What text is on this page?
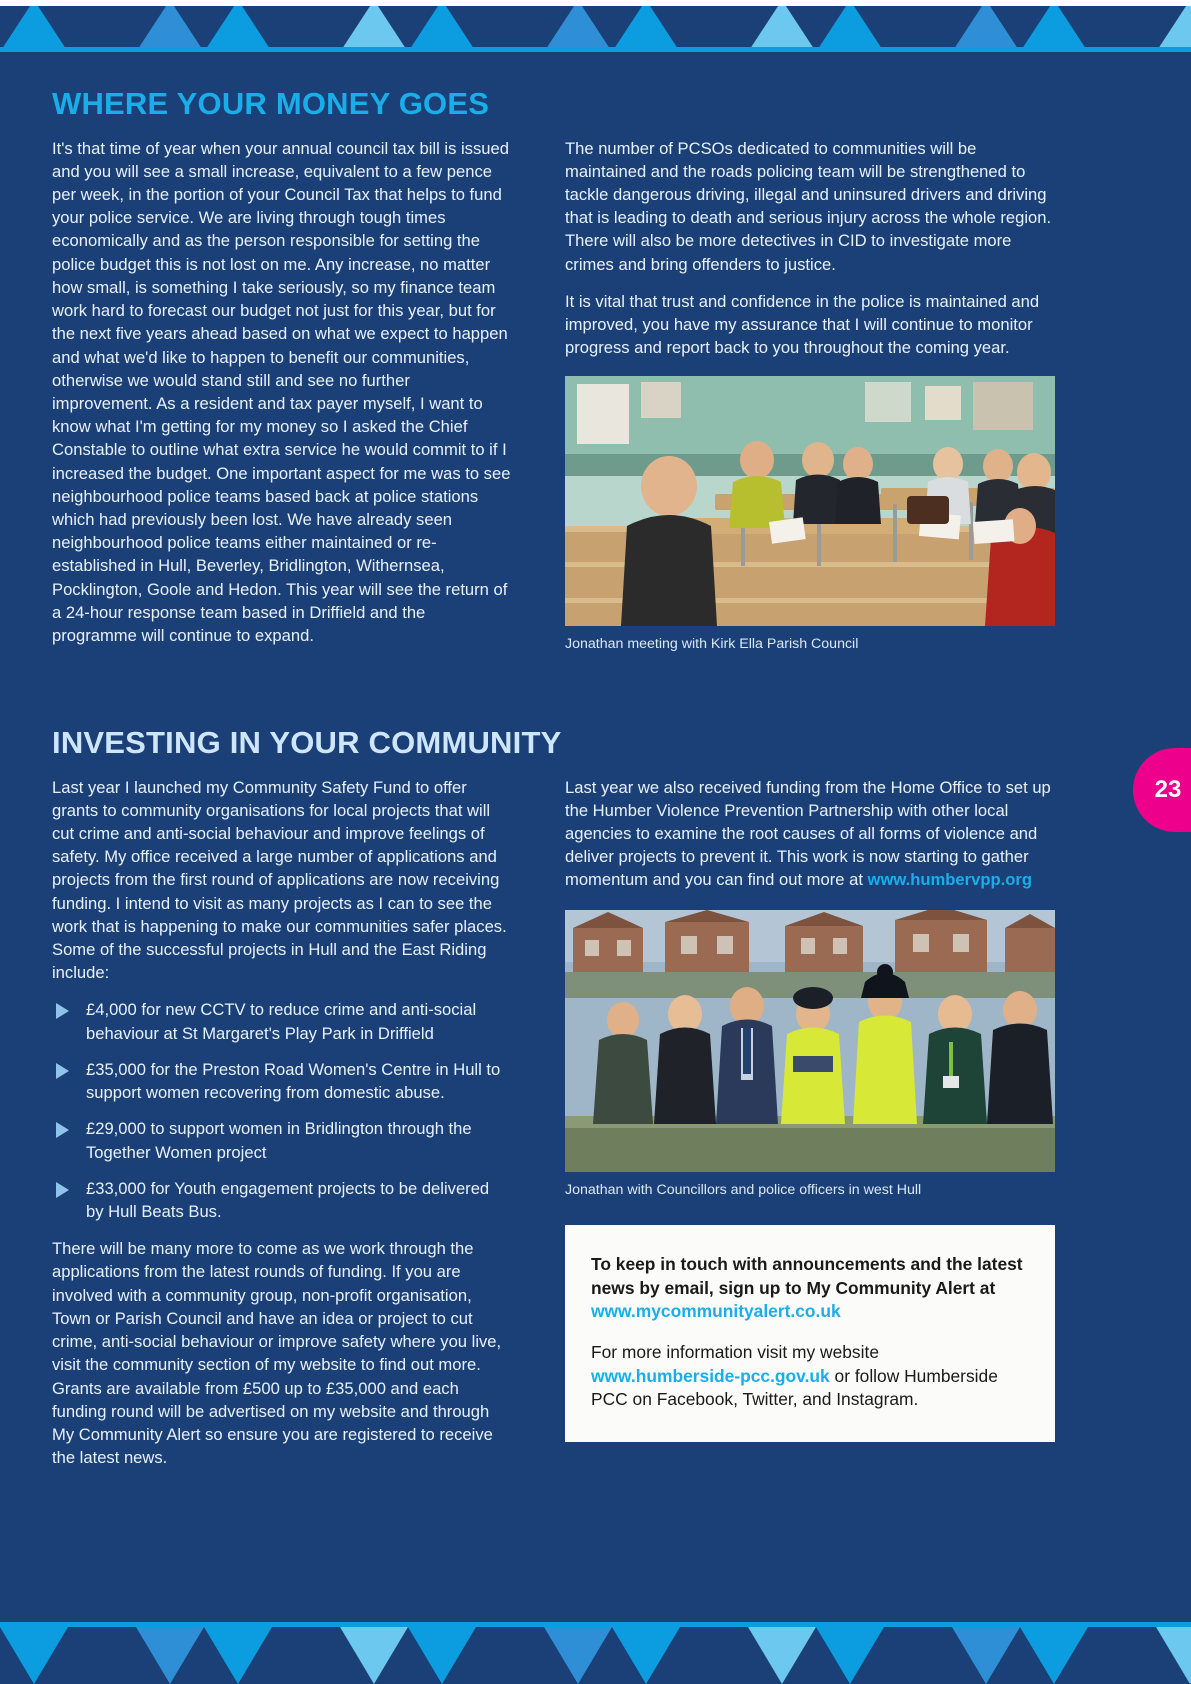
WHERE YOUR MONEY GOES

It's that time of year when your annual council tax bill is issued and you will see a small increase, equivalent to a few pence per week, in the portion of your Council Tax that helps to fund your police service. We are living through tough times economically and as the person responsible for setting the police budget this is not lost on me. Any increase, no matter how small, is something I take seriously, so my finance team work hard to forecast our budget not just for this year, but for the next five years ahead based on what we expect to happen and what we'd like to happen to benefit our communities, otherwise we would stand still and see no further improvement. As a resident and tax payer myself, I want to know what I'm getting for my money so I asked the Chief Constable to outline what extra service he would commit to if I increased the budget. One important aspect for me was to see neighbourhood police teams based back at police stations which had previously been lost. We have already seen neighbourhood police teams either maintained or re-established in Hull, Beverley, Bridlington, Withernsea, Pocklington, Goole and Hedon. This year will see the return of a 24-hour response team based in Driffield and the programme will continue to expand.

The number of PCSOs dedicated to communities will be maintained and the roads policing team will be strengthened to tackle dangerous driving, illegal and uninsured drivers and driving that is leading to death and serious injury across the whole region. There will also be more detectives in CID to investigate more crimes and bring offenders to justice.

It is vital that trust and confidence in the police is maintained and improved, you have my assurance that I will continue to monitor progress and report back to you throughout the coming year.

Jonathan meeting with Kirk Ella Parish Council
INVESTING IN YOUR COMMUNITY

Last year I launched my Community Safety Fund to offer grants to community organisations for local projects that will cut crime and anti-social behaviour and improve feelings of safety. My office received a large number of applications and projects from the first round of applications are now receiving funding. I intend to visit as many projects as I can to see the work that is happening to make our communities safer places. Some of the successful projects in Hull and the East Riding include:

£4,000 for new CCTV to reduce crime and anti-social behaviour at St Margaret's Play Park in Driffield
£35,000 for the Preston Road Women's Centre in Hull to support women recovering from domestic abuse.
£29,000 to support women in Bridlington through the Together Women project
£33,000 for Youth engagement projects to be delivered by Hull Beats Bus.

There will be many more to come as we work through the applications from the latest rounds of funding. If you are involved with a community group, non-profit organisation, Town or Parish Council and have an idea or project to cut crime, anti-social behaviour or improve safety where you live, visit the community section of my website to find out more. Grants are available from £500 up to £35,000 and each funding round will be advertised on my website and through My Community Alert so ensure you are registered to receive the latest news.

Last year we also received funding from the Home Office to set up the Humber Violence Prevention Partnership with other local agencies to examine the root causes of all forms of violence and deliver projects to prevent it. This work is now starting to gather momentum and you can find out more at www.humbervpp.org

Jonathan with Councillors and police officers in west Hull

To keep in touch with announcements and the latest news by email, sign up to My Community Alert at www.mycommunityalert.co.uk

For more information visit my website www.humberside-pcc.gov.uk or follow Humberside PCC on Facebook, Twitter, and Instagram.

23
